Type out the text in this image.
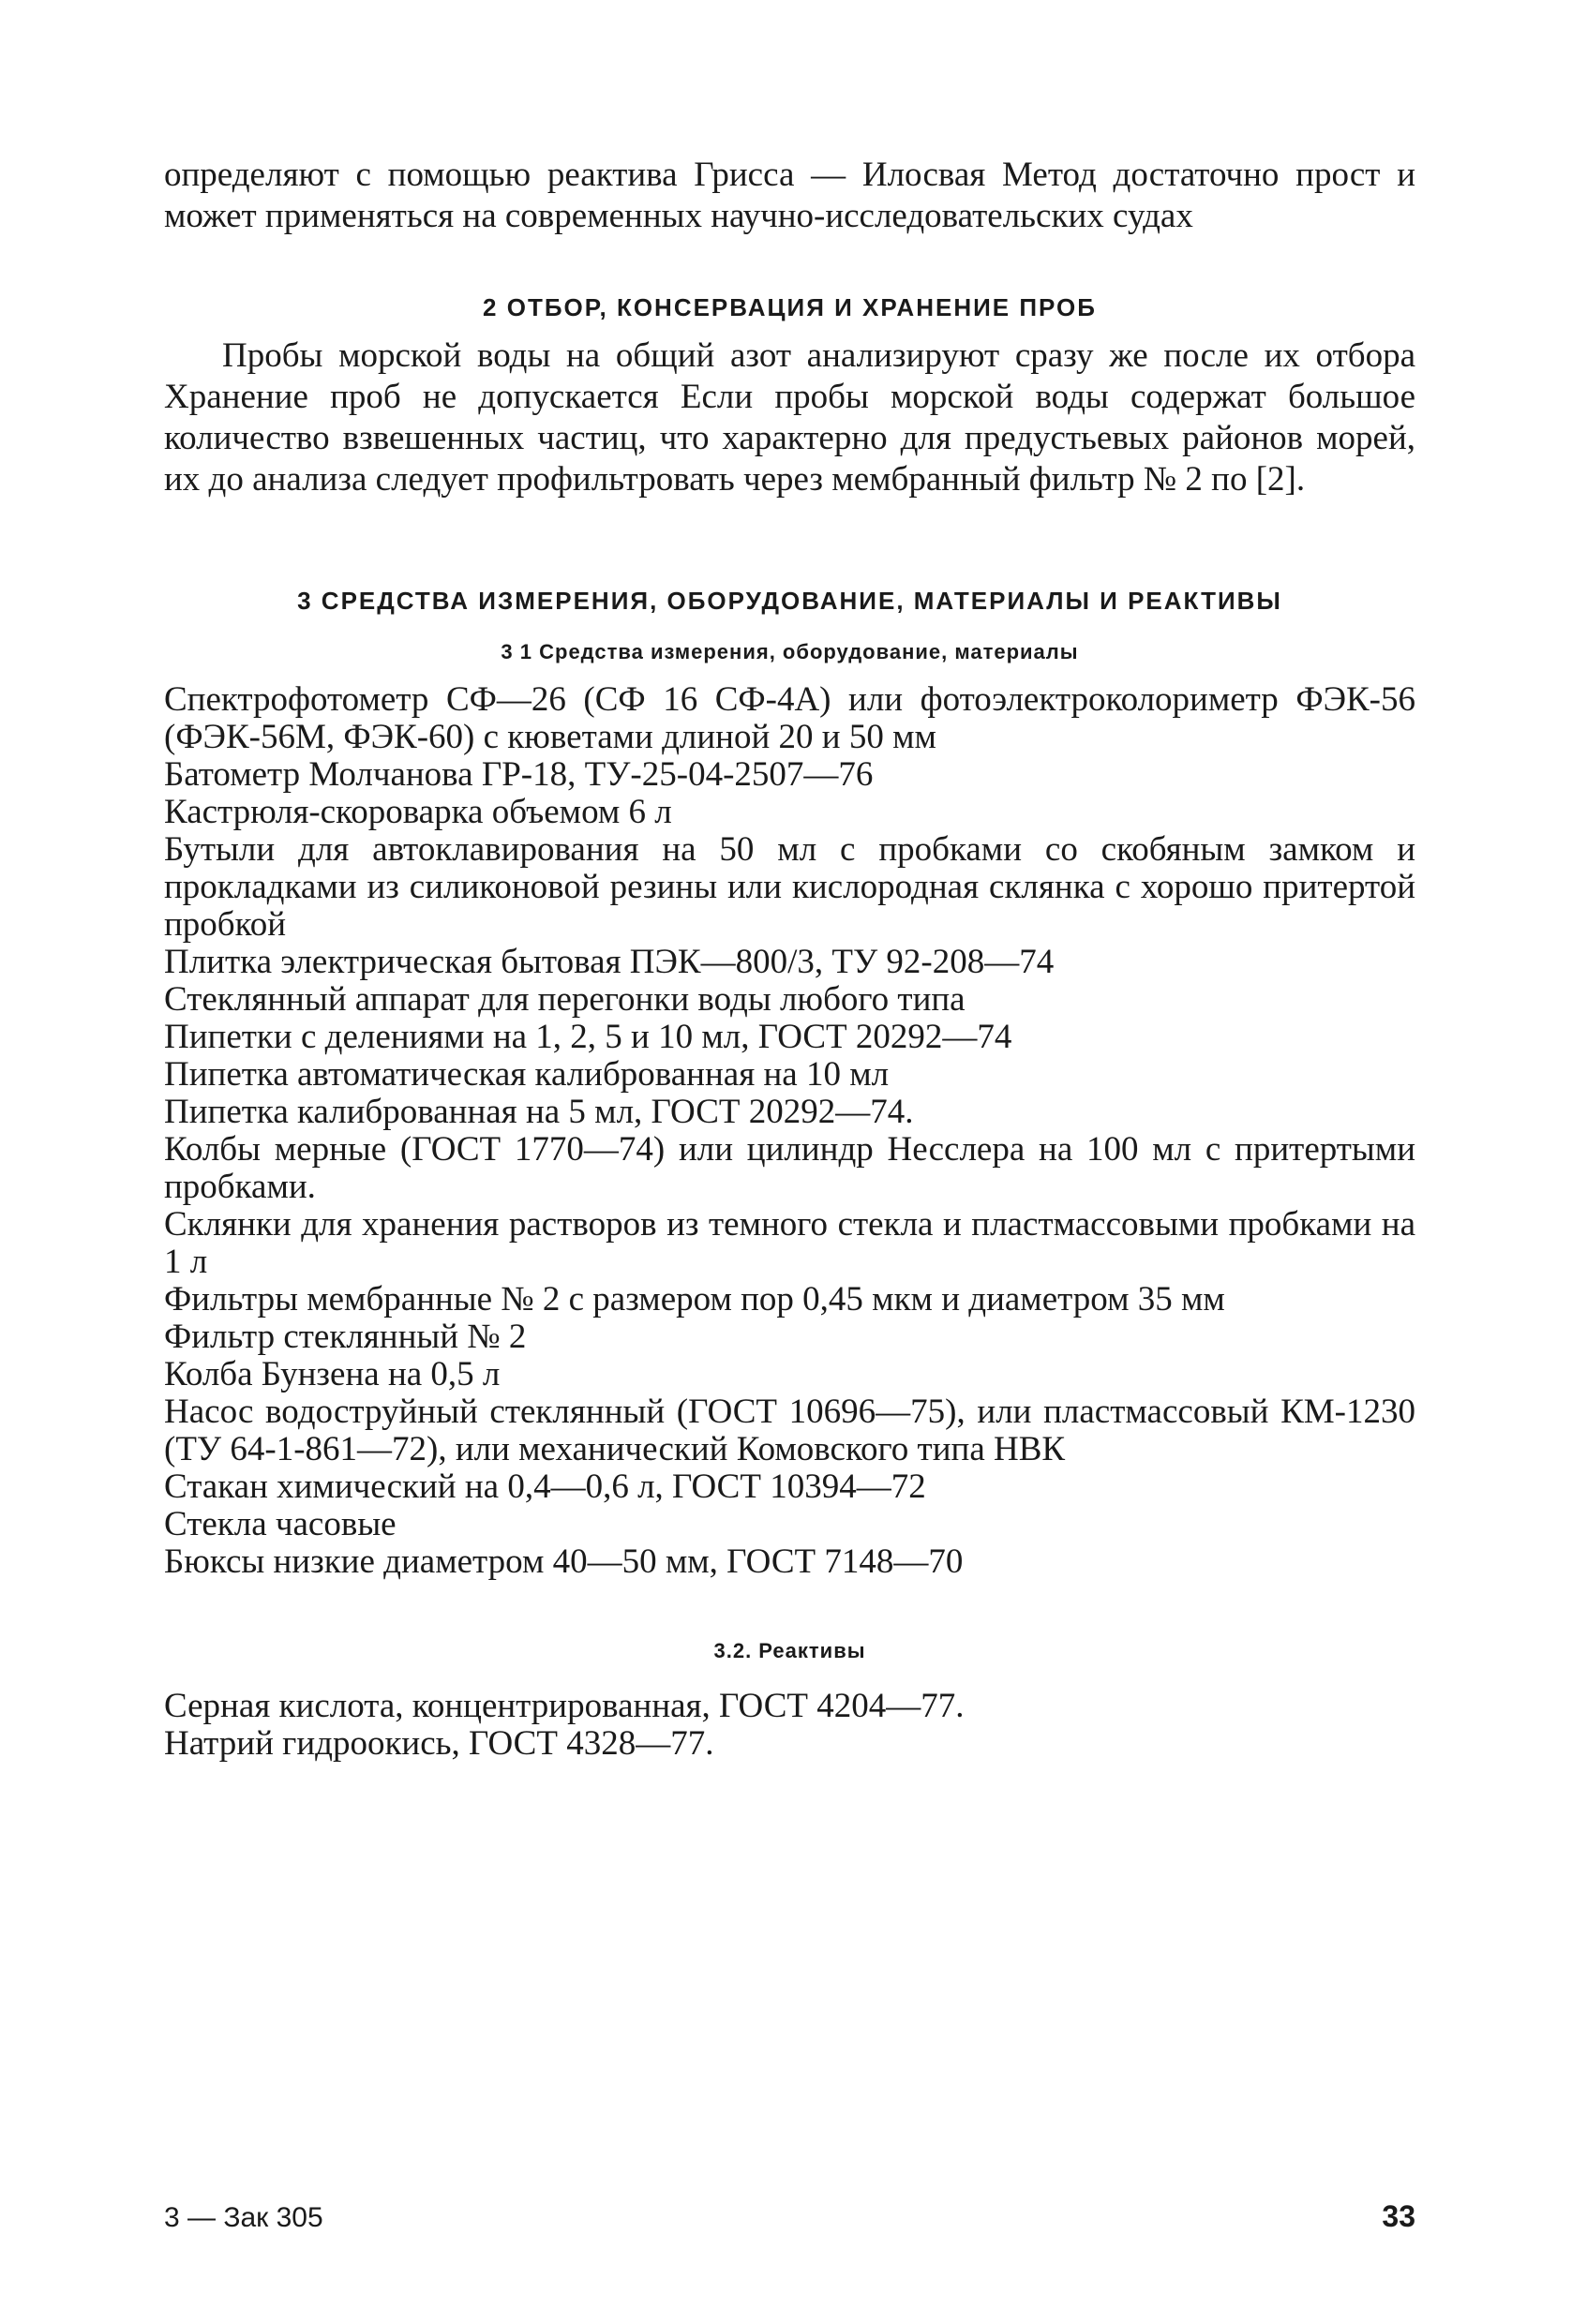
определяют с помощью реактива Грисса — Илосвая Метод достаточно прост и может применяться на современных научно-исследовательских судах

2 ОТБОР, КОНСЕРВАЦИЯ И ХРАНЕНИЕ ПРОБ

Пробы морской воды на общий азот анализируют сразу же после их отбора Хранение проб не допускается Если пробы морской воды содержат большое количество взвешенных частиц, что характерно для предустьевых районов морей, их до анализа следует профильтровать через мембранный фильтр № 2 по [2].

3 СРЕДСТВА ИЗМЕРЕНИЯ, ОБОРУДОВАНИЕ, МАТЕРИАЛЫ И РЕАКТИВЫ
3 1 Средства измерения, оборудование, материалы
Спектрофотометр СФ—26 (СФ 16 СФ-4А) или фотоэлектроколориметр ФЭК-56 (ФЭК-56М, ФЭК-60) с кюветами длиной 20 и 50 мм
Батометр Молчанова ГР-18, ТУ-25-04-2507—76
Кастрюля-скороварка объемом 6 л
Бутыли для автоклавирования на 50 мл с пробками со скобяным замком и прокладками из силиконовой резины или кислородная склянка с хорошо притертой пробкой
Плитка электрическая бытовая ПЭК—800/3, ТУ 92-208—74
Стеклянный аппарат для перегонки воды любого типа
Пипетки с делениями на 1, 2, 5 и 10 мл, ГОСТ 20292—74
Пипетка автоматическая калиброванная на 10 мл
Пипетка калиброванная на 5 мл, ГОСТ 20292—74.
Колбы мерные (ГОСТ 1770—74) или цилиндр Несслера на 100 мл с притертыми пробками.
Склянки для хранения растворов из темного стекла и пластмассовыми пробками на 1 л
Фильтры мембранные № 2 с размером пор 0,45 мкм и диаметром 35 мм
Фильтр стеклянный № 2
Колба Бунзена на 0,5 л
Насос водоструйный стеклянный (ГОСТ 10696—75), или пластмассовый КМ-1230 (ТУ 64-1-861—72), или механический Комовского типа НВК
Стакан химический на 0,4—0,6 л, ГОСТ 10394—72
Стекла часовые
Бюксы низкие диаметром 40—50 мм, ГОСТ 7148—70
3.2. Реактивы
Серная кислота, концентрированная, ГОСТ 4204—77.
Натрий гидроокись, ГОСТ 4328—77.
3 — Зак 305	33
